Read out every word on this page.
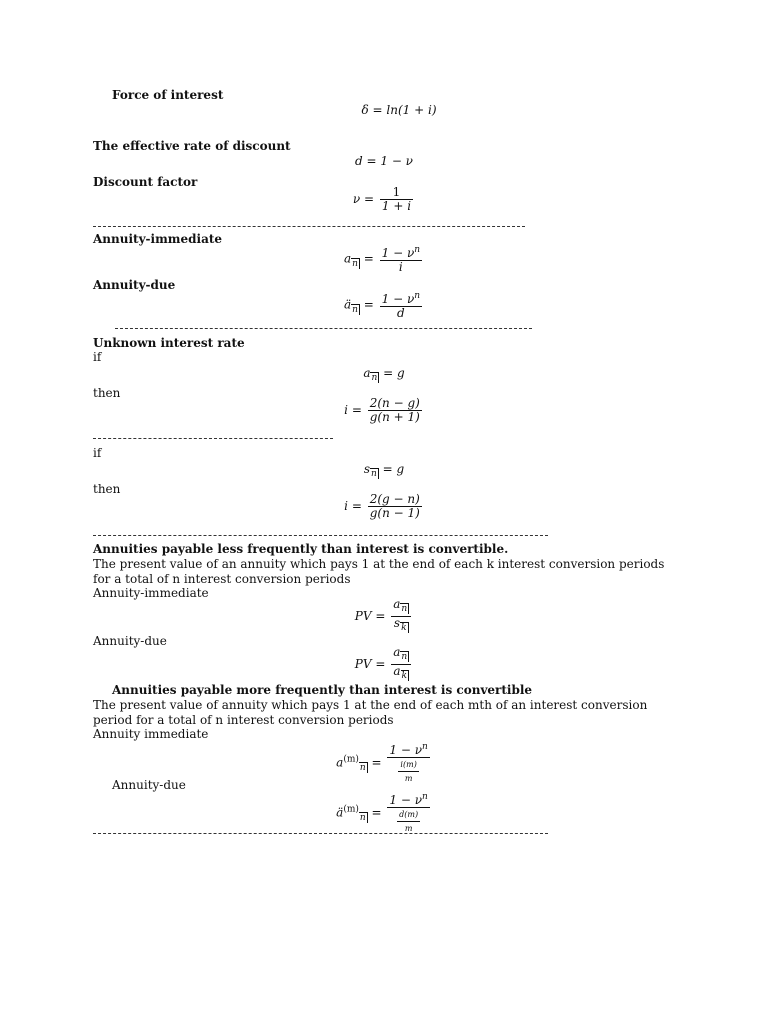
Force of interest
δ = ln(1 + i)
The effective rate of discount
d = 1 − ν
Discount factor
$\nu = \frac{1}{1 + i}$
Annuity-immediate
$a_n = \frac{1 - \nu^n}{i}$
Annuity-due
$ä_n = \frac{1 - \nu^n}{d}$
Unknown interest rate
if
$a_n = g$
then
$i = \frac{2(n - g)}{g(n + 1)}$
if
$s_n = g$
then
$i = \frac{2(g - n)}{g(n - 1)}$
Annuities payable less frequently than interest is convertible.
The present value of an annuity which pays 1 at the end of each k interest conversion periods for a total of n interest conversion periods
Annuity-immediate
PV = $\frac{a_n}{s_k}$
Annuity-due
PV = $\frac{a_n}{a_k}$
Annuities payable more frequently than interest is convertible
The present value of annuity which pays 1 at the end of each mth of an interest conversion period for a total of n interest conversion periods
Annuity immediate
$a^{(m)}_n = \frac{1 - \nu^n}{\frac{i(m)}{m}}$
Annuity-due
$ä^{(m)}_n = \frac{1 - \nu^n}{\frac{d(m)}{m}}$
